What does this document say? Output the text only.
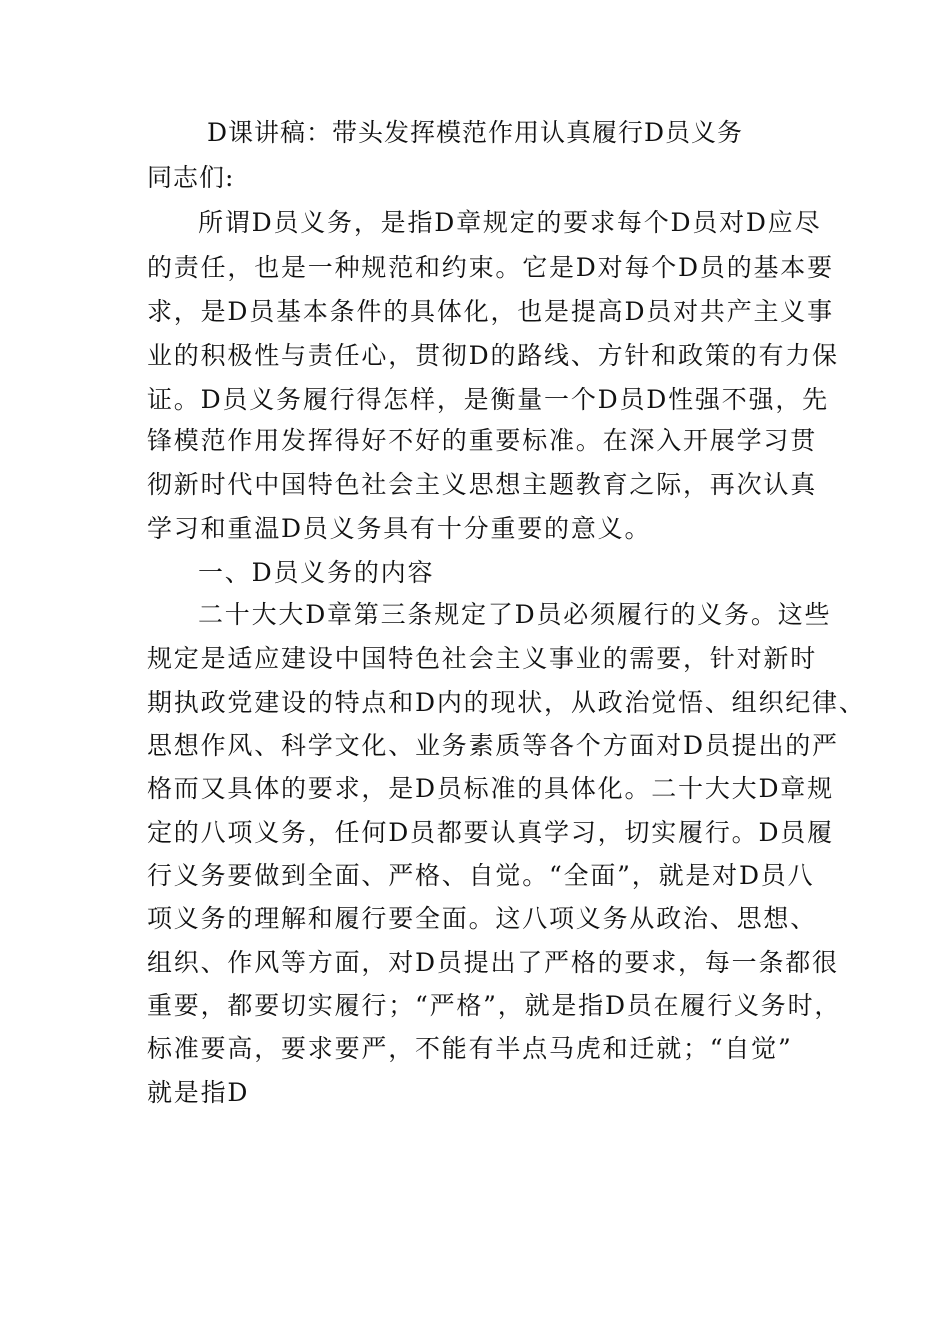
D课讲稿：带头发挥模范作用认真履行D员义务
同志们:
所谓D员义务，是指D章规定的要求每个D员对D应尽
的责任，也是一种规范和约束。它是D对每个D员的基本要
求，是D员基本条件的具体化，也是提高D员对共产主义事
业的积极性与责任心，贯彻D的路线、方针和政策的有力保
证。D员义务履行得怎样，是衡量一个D员D性强不强，先
锋模范作用发挥得好不好的重要标准。在深入开展学习贯
彻新时代中国特色社会主义思想主题教育之际，再次认真
学习和重温D员义务具有十分重要的意义。
一、D员义务的内容
二十大大D章第三条规定了D员必须履行的义务。这些
规定是适应建设中国特色社会主义事业的需要，针对新时
期执政党建设的特点和D内的现状，从政治觉悟、组织纪律、
思想作风、科学文化、业务素质等各个方面对D员提出的严
格而又具体的要求，是D员标准的具体化。二十大大D章规
定的八项义务，任何D员都要认真学习，切实履行。D员履
行义务要做到全面、严格、自觉。“全面”，就是对D员八
项义务的理解和履行要全面。这八项义务从政治、思想、
组织、作风等方面，对D员提出了严格的要求，每一条都很
重要，都要切实履行；“严格”，就是指D员在履行义务时，
标准要高，要求要严，不能有半点马虎和迁就；“自觉”
就是指D
